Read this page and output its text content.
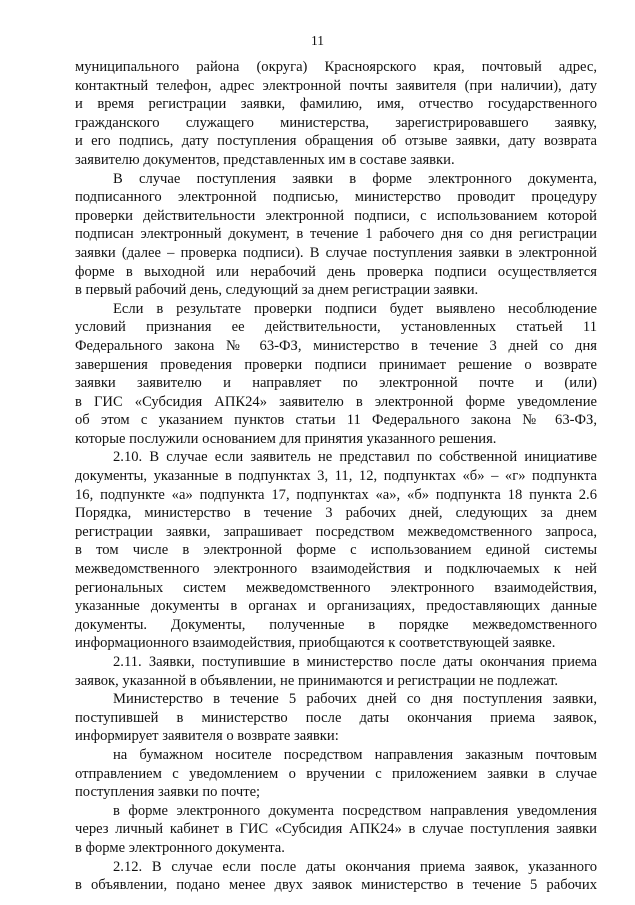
11

муниципального района (округа) Красноярского края, почтовый адрес,

контактный телефон, адрес электронной почты заявителя (при наличии), дату

и время регистрации заявки, фамилию, имя, отчество государственного

гражданского служащего министерства, зарегистрировавшего заявку,

и его подпись, дату поступления обращения об отзыве заявки, дату возврата

заявителю документов, представленных им в составе заявки.

В случае поступления заявки в форме электронного документа,

подписанного электронной подписью, министерство проводит процедуру

проверки действительности электронной подписи, с использованием которой

подписан электронный документ, в течение 1 рабочего дня со дня регистрации

заявки (далее – проверка подписи). В случае поступления заявки в электронной

форме в выходной или нерабочий день проверка подписи осуществляется

в первый рабочий день, следующий за днем регистрации заявки.

Если в результате проверки подписи будет выявлено несоблюдение

условий признания ее действительности, установленных статьей 11

Федерального закона № 63-ФЗ, министерство в течение 3 дней со дня

завершения проведения проверки подписи принимает решение о возврате

заявки заявителю и направляет по электронной почте и (или)

в ГИС «Субсидия АПК24» заявителю в электронной форме уведомление

об этом с указанием пунктов статьи 11 Федерального закона № 63-ФЗ,

которые послужили основанием для принятия указанного решения.

2.10. В случае если заявитель не представил по собственной инициативе

документы, указанные в подпунктах 3, 11, 12, подпунктах «б» – «г» подпункта

16, подпункте «а» подпункта 17, подпунктах «а», «б» подпункта 18 пункта 2.6

Порядка, министерство в течение 3 рабочих дней, следующих за днем

регистрации заявки, запрашивает посредством межведомственного запроса,

в том числе в электронной форме с использованием единой системы

межведомственного электронного взаимодействия и подключаемых к ней

региональных систем межведомственного электронного взаимодействия,

указанные документы в органах и организациях, предоставляющих данные

документы. Документы, полученные в порядке межведомственного

информационного взаимодействия, приобщаются к соответствующей заявке.

2.11. Заявки, поступившие в министерство после даты окончания приема

заявок, указанной в объявлении, не принимаются и регистрации не подлежат.

Министерство в течение 5 рабочих дней со дня поступления заявки,

поступившей в министерство после даты окончания приема заявок,

информирует заявителя о возврате заявки:

на бумажном носителе посредством направления заказным почтовым

отправлением с уведомлением о вручении с приложением заявки в случае

поступления заявки по почте;

в форме электронного документа посредством направления уведомления

через личный кабинет в ГИС «Субсидия АПК24» в случае поступления заявки

в форме электронного документа.

2.12. В случае если после даты окончания приема заявок, указанного

в объявлении, подано менее двух заявок министерство в течение 5 рабочих
